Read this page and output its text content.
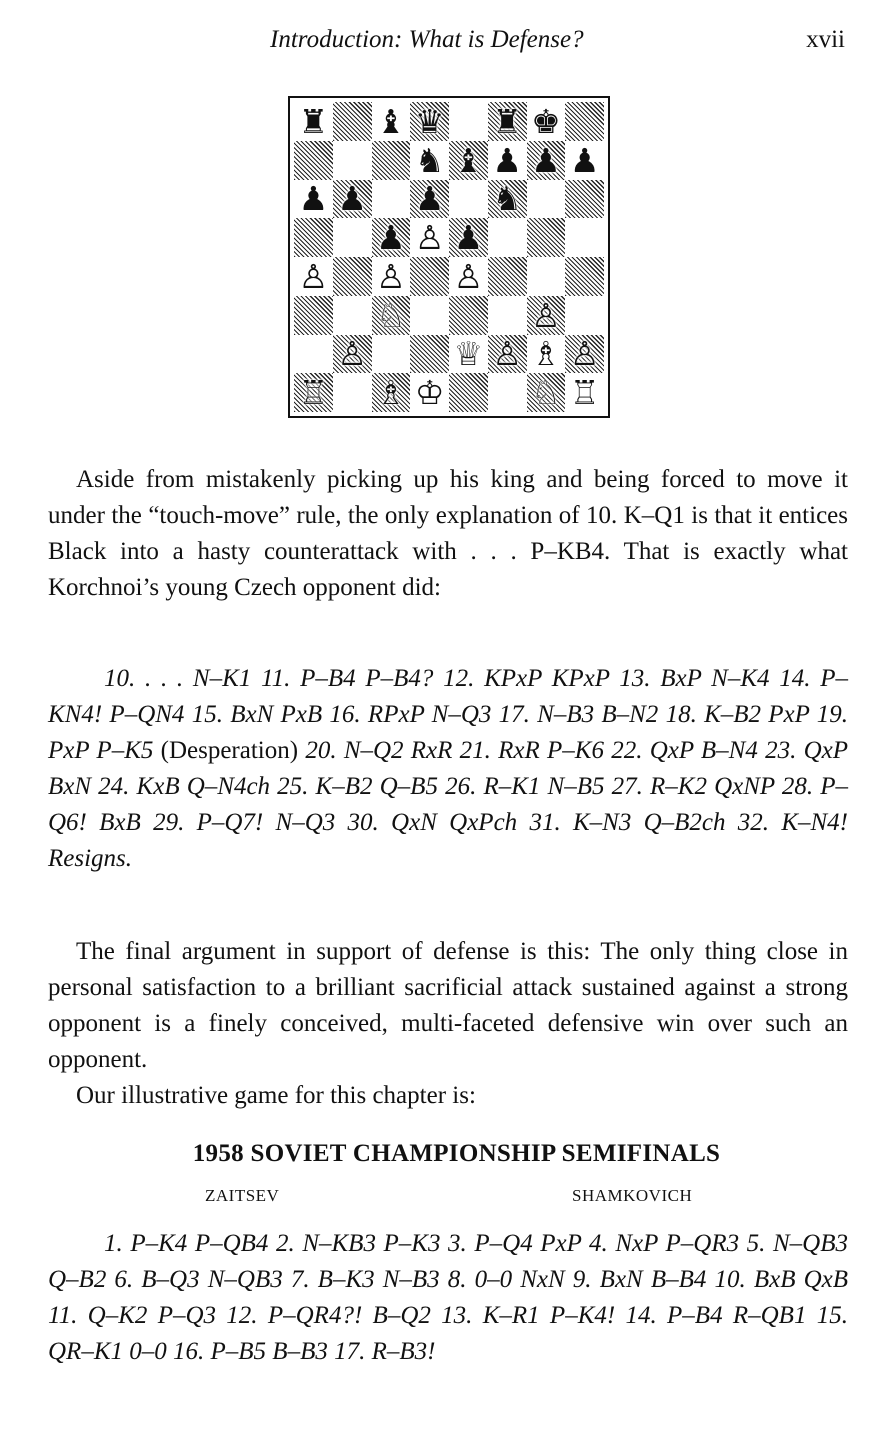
Introduction: What is Defense?	xvii
♜ ♝ ♛ ♜ ♚
♞ ♝ ♟ ♟ ♟
♟ ♟ ♟ ♞
♟ ♙ ♟
♙ ♙ ♙
♘	♙
♙	♕ ♙ ♗ ♙
♖ ♗ ♔	♘ ♖

Aside from mistakenly picking up his king and being forced to move it under the “touch-move” rule, the only explanation of 10. K–Q1 is that it entices Black into a hasty counterattack with . . . P–KB4. That is exactly what Korchnoi’s young Czech opponent did:

10. . . . N–K1 11. P–B4 P–B4? 12. KPxP KPxP 13. BxP N–K4 14. P–KN4! P–QN4 15. BxN PxB 16. RPxP N–Q3 17. N–B3 B–N2 18. K–B2 PxP 19. PxP P–K5 (Desperation) 20. N–Q2 RxR 21. RxR P–K6 22. QxP B–N4 23. QxP BxN 24. KxB Q–N4ch 25. K–B2 Q–B5 26. R–K1 N–B5 27. R–K2 QxNP 28. P–Q6! BxB 29. P–Q7! N–Q3 30. QxN QxPch 31. K–N3 Q–B2ch 32. K–N4! Resigns.

The final argument in support of defense is this: The only thing close in personal satisfaction to a brilliant sacrificial attack sustained against a strong opponent is a finely conceived, multi-faceted defensive win over such an opponent.

Our illustrative game for this chapter is:

1958 SOVIET CHAMPIONSHIP SEMIFINALS
ZAITSEV	SHAMKOVICH

1. P–K4 P–QB4 2. N–KB3 P–K3 3. P–Q4 PxP 4. NxP P–QR3 5. N–QB3 Q–B2 6. B–Q3 N–QB3 7. B–K3 N–B3 8. 0–0 NxN 9. BxN B–B4 10. BxB QxB 11. Q–K2 P–Q3 12. P–QR4?! B–Q2 13. K–R1 P–K4! 14. P–B4 R–QB1 15. QR–K1 0–0 16. P–B5 B–B3 17. R–B3!
